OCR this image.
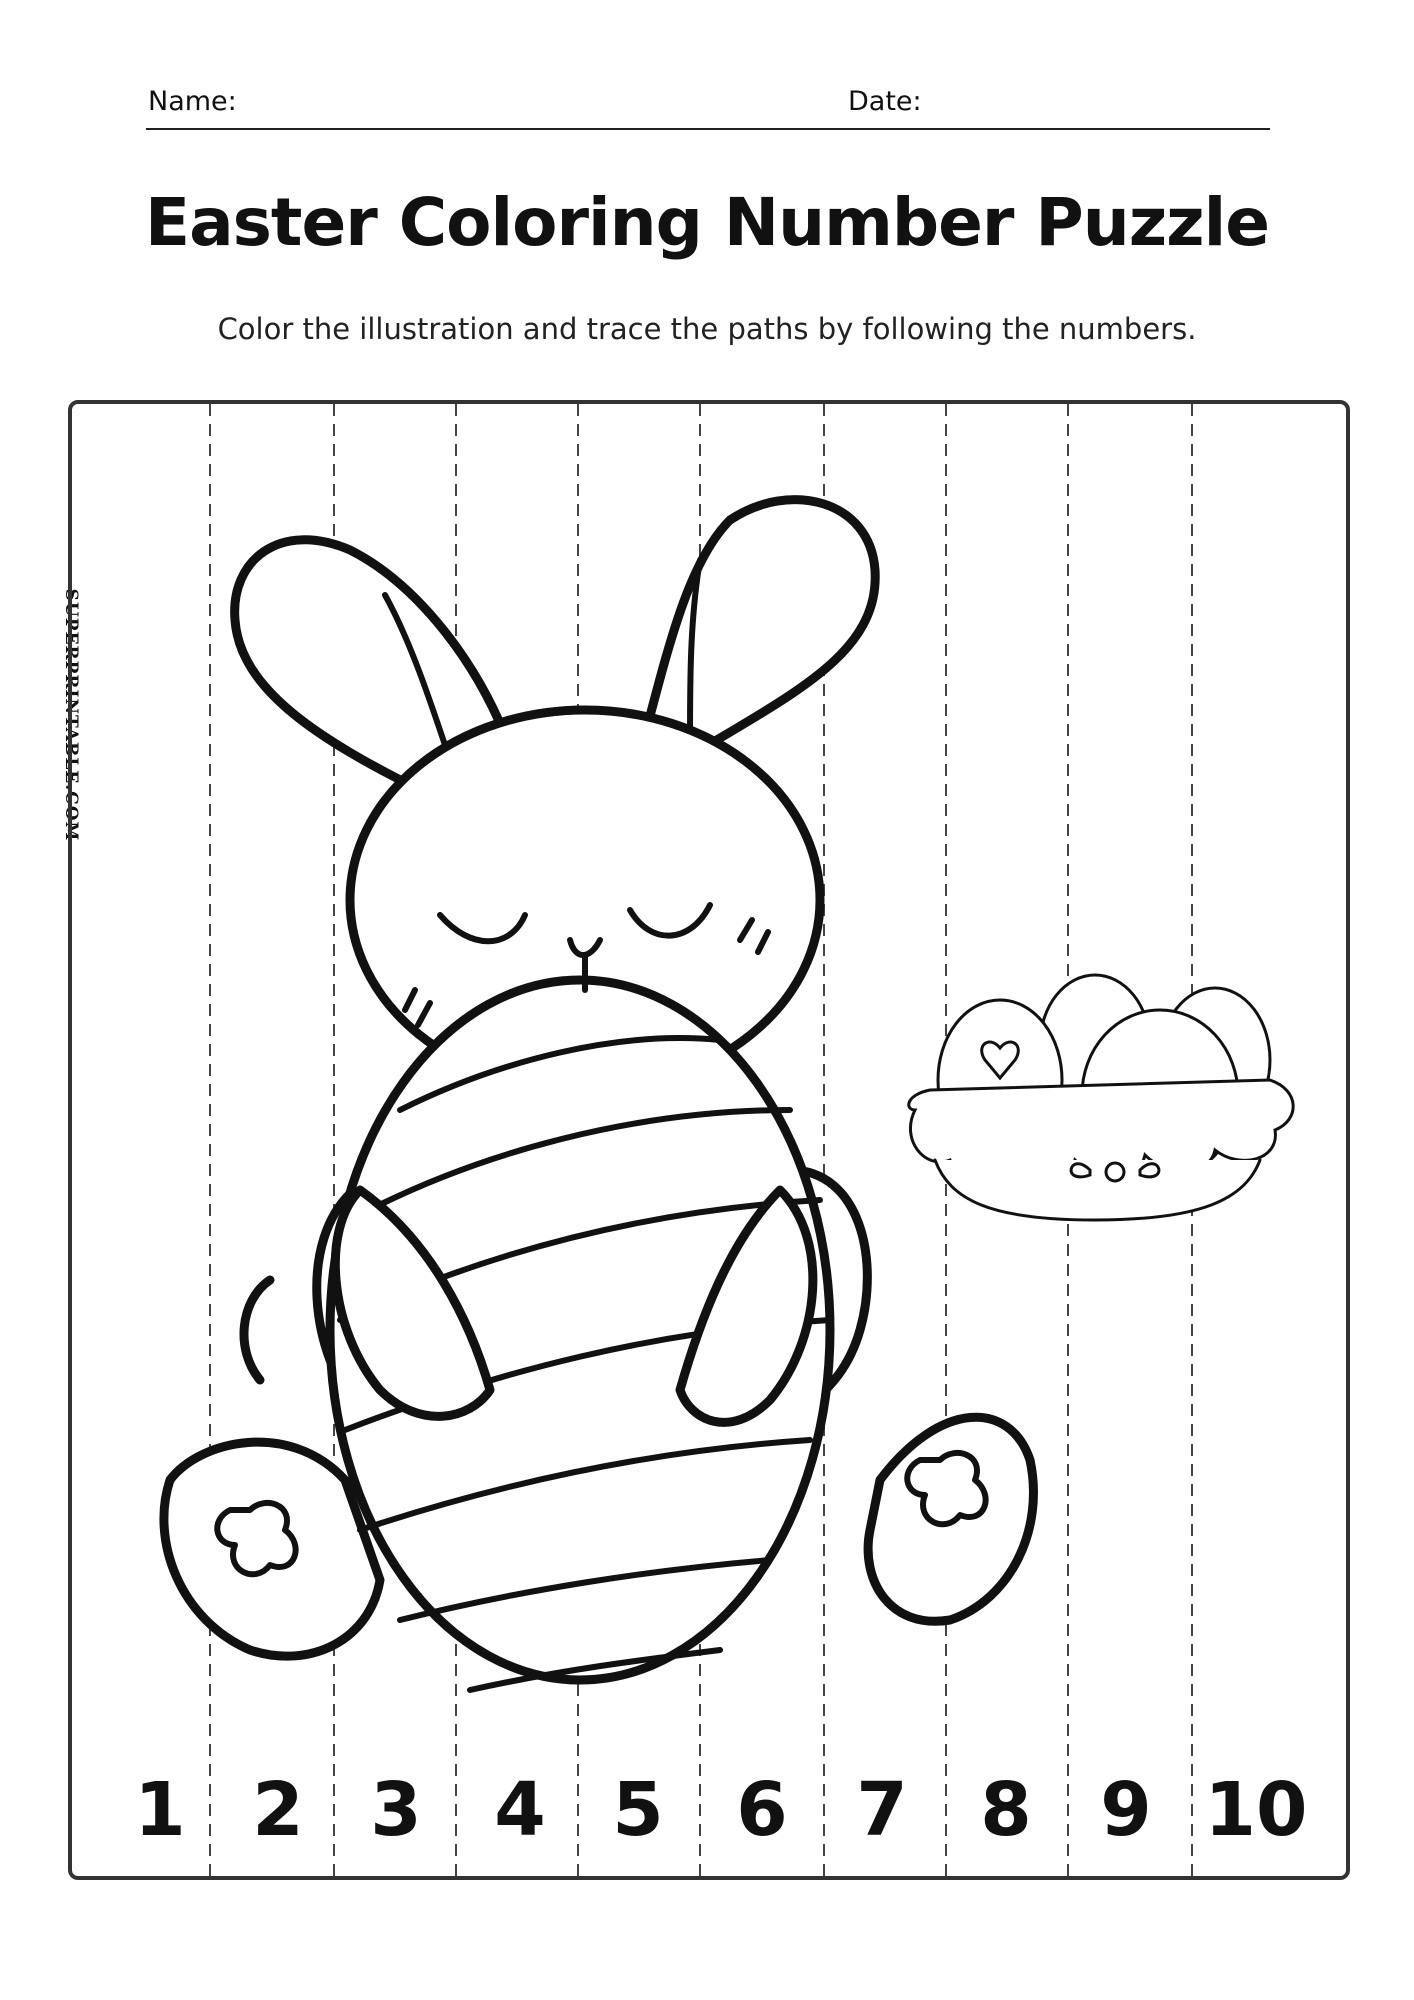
Name:	Date:
Easter Coloring Number Puzzle
Color the illustration and trace the paths by following the numbers.
SUPERPRINTABLE.COM
1 2 3 4 5 6 7 8 9 10
